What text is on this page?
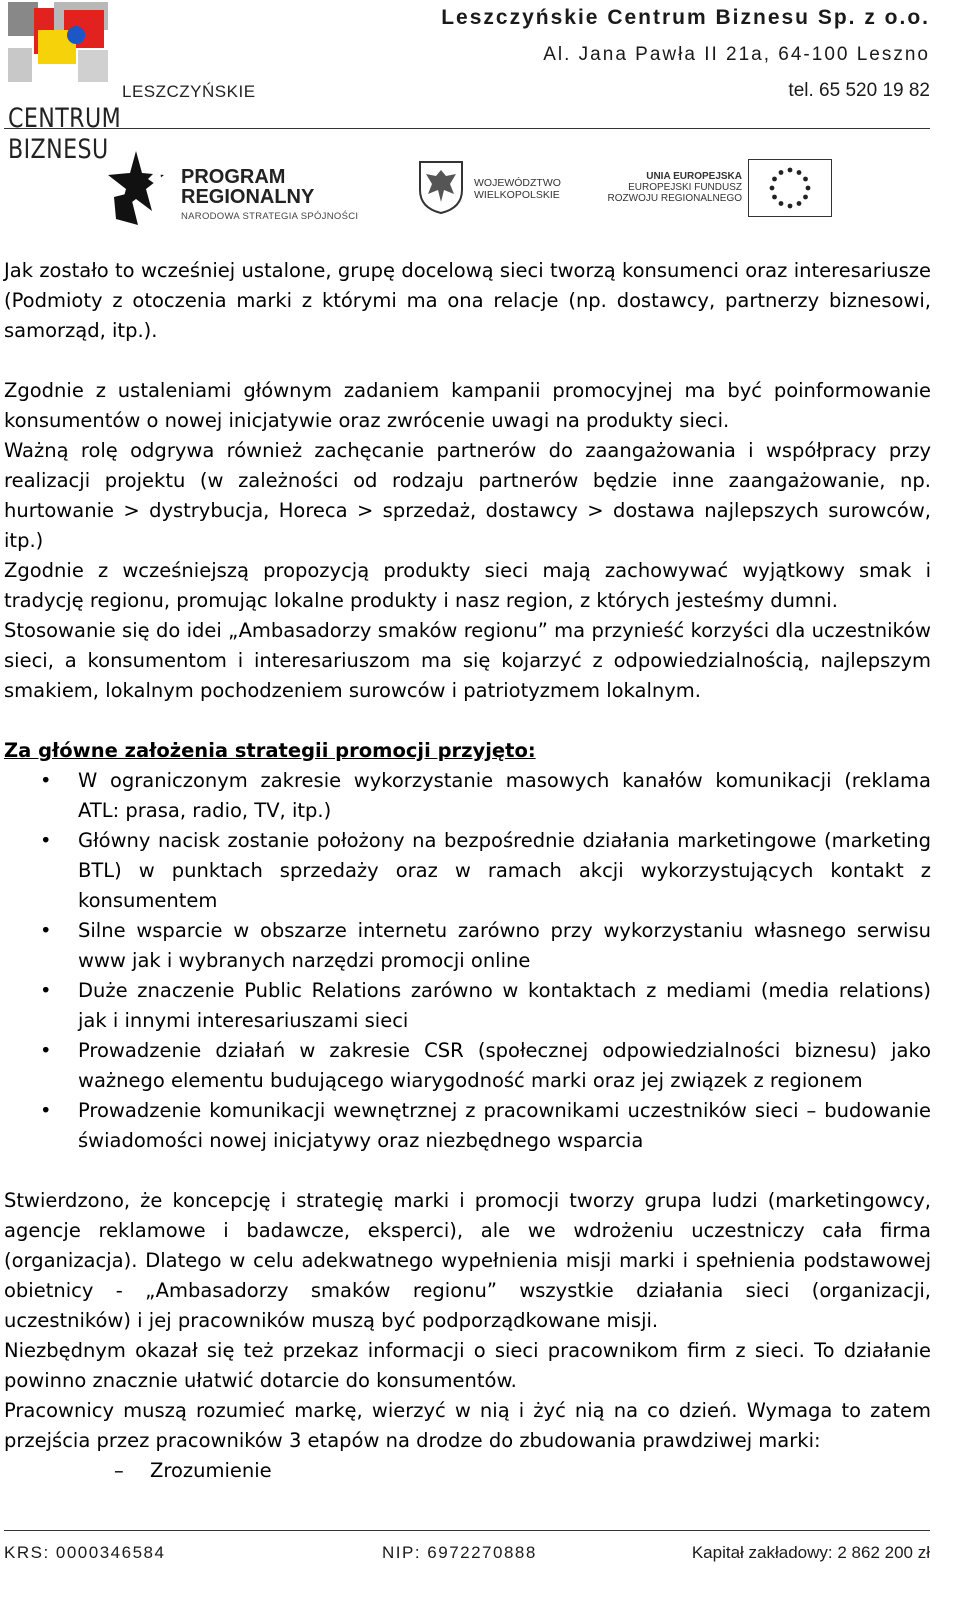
LESZCZYŃSKIE
CENTRUM BIZNESU
Leszczyńskie Centrum Biznesu Sp. z o.o.
Al. Jana Pawła II 21a, 64-100 Leszno
tel. 65 520 19 82
PROGRAM
REGIONALNY
NARODOWA STRATEGIA SPÓJNOŚCI
WOJEWÓDZTWO
WIELKOPOLSKIE
UNIA EUROPEJSKA
EUROPEJSKI FUNDUSZ
ROZWOJU REGIONALNEGO

Jak zostało to wcześniej ustalone, grupę docelową sieci tworzą konsumenci oraz interesariusze (Podmioty z otoczenia marki z którymi ma ona relacje (np. dostawcy, partnerzy biznesowi, samorząd, itp.).

Zgodnie z ustaleniami głównym zadaniem kampanii promocyjnej ma być poinformowanie konsumentów o nowej inicjatywie oraz zwrócenie uwagi na produkty sieci.

Ważną rolę odgrywa również zachęcanie partnerów do zaangażowania i współpracy przy realizacji projektu (w zależności od rodzaju partnerów będzie inne zaangażowanie, np. hurtowanie > dystrybucja, Horeca > sprzedaż, dostawcy > dostawa najlepszych surowców, itp.)

Zgodnie z wcześniejszą propozycją produkty sieci mają zachowywać wyjątkowy smak i tradycję regionu, promując lokalne produkty i nasz region, z których jesteśmy dumni.

Stosowanie się do idei „Ambasadorzy smaków regionu” ma przynieść korzyści dla uczestników sieci, a konsumentom i interesariuszom ma się kojarzyć z odpowiedzialnością, najlepszym smakiem, lokalnym pochodzeniem surowców i patriotyzmem lokalnym.

Za główne założenia strategii promocji przyjęto:

• W ograniczonym zakresie wykorzystanie masowych kanałów komunikacji (reklama ATL: prasa, radio, TV, itp.)
• Główny nacisk zostanie położony na bezpośrednie działania marketingowe (marketing BTL) w punktach sprzedaży oraz w ramach akcji wykorzystujących kontakt z konsumentem
• Silne wsparcie w obszarze internetu zarówno przy wykorzystaniu własnego serwisu www jak i wybranych narzędzi promocji online
• Duże znaczenie Public Relations zarówno w kontaktach z mediami (media relations) jak i innymi interesariuszami sieci
• Prowadzenie działań w zakresie CSR (społecznej odpowiedzialności biznesu) jako ważnego elementu budującego wiarygodność marki oraz jej związek z regionem
• Prowadzenie komunikacji wewnętrznej z pracownikami uczestników sieci – budowanie świadomości nowej inicjatywy oraz niezbędnego wsparcia

Stwierdzono, że koncepcję i strategię marki i promocji tworzy grupa ludzi (marketingowcy, agencje reklamowe i badawcze, eksperci), ale we wdrożeniu uczestniczy cała firma (organizacja). Dlatego w celu adekwatnego wypełnienia misji marki i spełnienia podstawowej obietnicy - „Ambasadorzy smaków regionu” wszystkie działania sieci (organizacji, uczestników) i jej pracowników muszą być podporządkowane misji.

Niezbędnym okazał się też przekaz informacji o sieci pracownikom firm z sieci. To działanie powinno znacznie ułatwić dotarcie do konsumentów.

Pracownicy muszą rozumieć markę, wierzyć w nią i żyć nią na co dzień. Wymaga to zatem przejścia przez pracowników 3 etapów na drodze do zbudowania prawdziwej marki:

– Zrozumienie
KRS: 0000346584	NIP: 6972270888	Kapitał zakładowy: 2 862 200 zł
